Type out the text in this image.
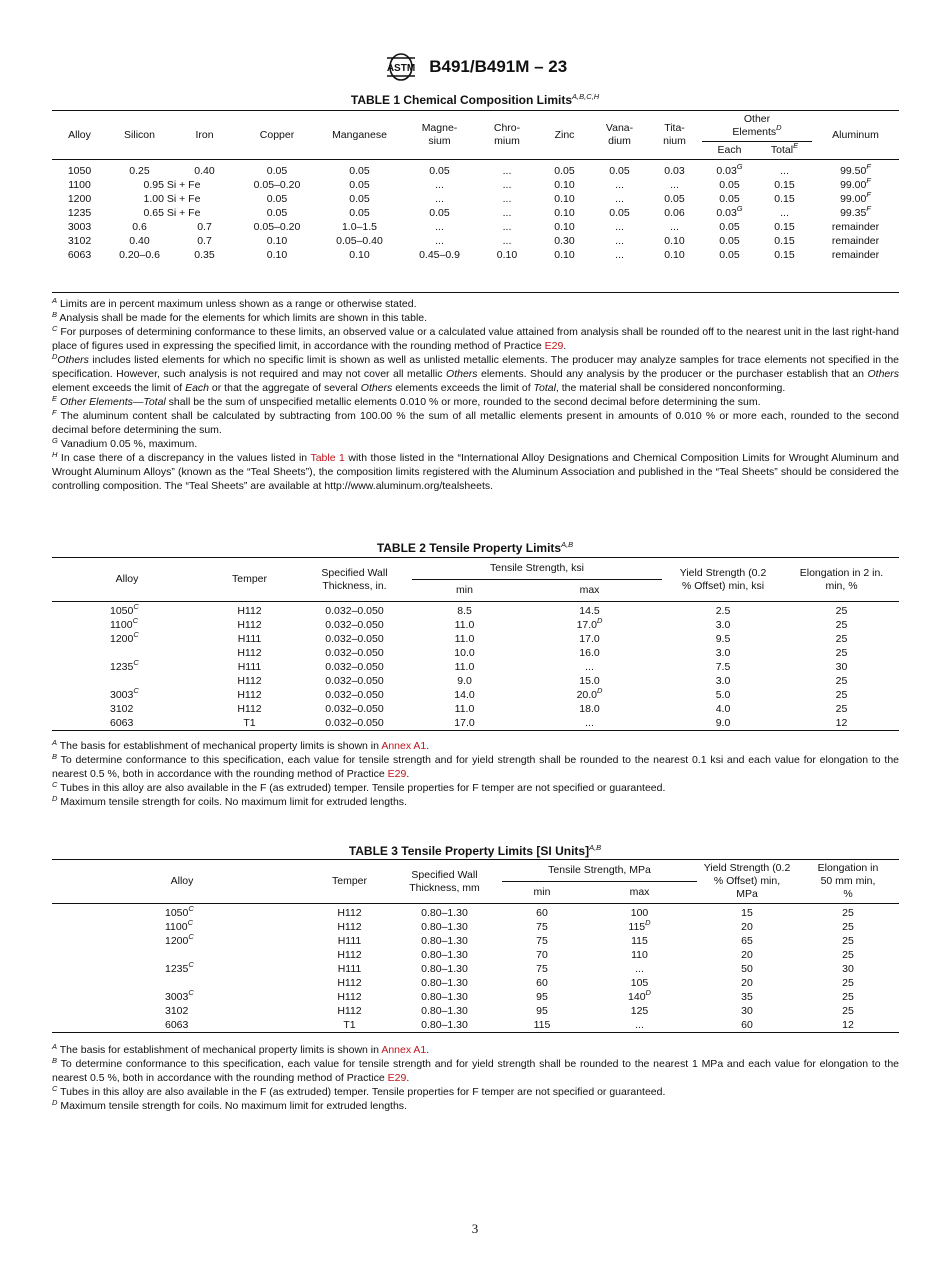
ASTM B491/B491M – 23
TABLE 1 Chemical Composition Limits$^{A,B,C,H}$
Alloy	Silicon	Iron	Copper	Manganese	Magne-sium	Chro-mium	Zinc	Vana-dium	Tita-nium	Other Elements$^D$		Aluminum
										Each	Total$^E$
1050	0.25	0.40	0.05	0.05	0.05	...	0.05	0.05	0.03	$0.03^G$	...	$99.50^F$
1100	0.95 Si + Fe		0.05–0.20	0.05	...	...	0.10	...	...	0.05	0.15	$99.00^F$
1200	1.00 Si + Fe		0.05	0.05	...	...	0.10	...	0.05	0.05	0.15	$99.00^F$
1235	0.65 Si + Fe		0.05	0.05	0.05	...	0.10	0.05	0.06	$0.03^G$	...	$99.35^F$
3003	0.6	0.7	0.05–0.20	1.0–1.5	...	...	0.10	...	...	0.05	0.15	remainder
3102	0.40	0.7	0.10	0.05–0.40	...	...	0.30	...	0.10	0.05	0.15	remainder
6063	0.20–0.6	0.35	0.10	0.10	0.45–0.9	0.10	0.10	...	0.10	0.05	0.15	remainder

$^A$ Limits are in percent maximum unless shown as a range or otherwise stated.

$^B$ Analysis shall be made for the elements for which limits are shown in this table.

$^C$ For purposes of determining conformance to these limits, an observed value or a calculated value attained from analysis shall be rounded off to the nearest unit in the last right-hand place of figures used in expressing the specified limit, in accordance with the rounding method of Practice E29.

$^D$Others includes listed elements for which no specific limit is shown as well as unlisted metallic elements. The producer may analyze samples for trace elements not specified in the specification. However, such analysis is not required and may not cover all metallic Others elements. Should any analysis by the producer or the purchaser establish that an Others element exceeds the limit of Each or that the aggregate of several Others elements exceeds the limit of Total, the material shall be considered nonconforming.

$^E$ Other Elements—Total shall be the sum of unspecified metallic elements 0.010 % or more, rounded to the second decimal before determining the sum.

$^F$ The aluminum content shall be calculated by subtracting from 100.00 % the sum of all metallic elements present in amounts of 0.010 % or more each, rounded to the second decimal before determining the sum.

$^G$ Vanadium 0.05 %, maximum.

$^H$ In case there of a discrepancy in the values listed in Table 1 with those listed in the “International Alloy Designations and Chemical Composition Limits for Wrought Aluminum and Wrought Aluminum Alloys” (known as the “Teal Sheets”), the composition limits registered with the Aluminum Association and published in the “Teal Sheets” should be considered the controlling composition. The “Teal Sheets” are available at http://www.aluminum.org/tealsheets.

TABLE 2 Tensile Property Limits$^{A,B}$
Alloy	Temper	Specified Wall Thickness, in.	Tensile Strength, ksi		Yield Strength (0.2 % Offset) min, ksi	Elongation in 2 in. min, %
			min	max		
$1050^C$	H112	0.032–0.050	8.5	14.5	2.5	25
$1100^C$	H112	0.032–0.050	11.0	$17.0^D$	3.0	25
$1200^C$	H111	0.032–0.050	11.0	17.0	9.5	25
	H112	0.032–0.050	10.0	16.0	3.0	25
$1235^C$	H111	0.032–0.050	11.0	...	7.5	30
	H112	0.032–0.050	9.0	15.0	3.0	25
$3003^C$	H112	0.032–0.050	14.0	$20.0^D$	5.0	25
3102	H112	0.032–0.050	11.0	18.0	4.0	25
6063	T1	0.032–0.050	17.0	...	9.0	12

$^A$ The basis for establishment of mechanical property limits is shown in Annex A1.

$^B$ To determine conformance to this specification, each value for tensile strength and for yield strength shall be rounded to the nearest 0.1 ksi and each value for elongation to the nearest 0.5 %, both in accordance with the rounding method of Practice E29.

$^C$ Tubes in this alloy are also available in the F (as extruded) temper. Tensile properties for F temper are not specified or guaranteed.

$^D$ Maximum tensile strength for coils. No maximum limit for extruded lengths.

TABLE 3 Tensile Property Limits [SI Units]$^{A,B}$
Alloy	Temper	Specified Wall Thickness, mm	Tensile Strength, MPa		Yield Strength (0.2 % Offset) min, MPa	Elongation in 50 mm min, %
			min	max		
$1050^C$	H112	0.80–1.30	60	100	15	25
$1100^C$	H112	0.80–1.30	75	$115^D$	20	25
$1200^C$	H111	0.80–1.30	75	115	65	25
	H112	0.80–1.30	70	110	20	25
$1235^C$	H111	0.80–1.30	75	...	50	30
	H112	0.80–1.30	60	105	20	25
$3003^C$	H112	0.80–1.30	95	$140^D$	35	25
3102	H112	0.80–1.30	95	125	30	25
6063	T1	0.80–1.30	115	...	60	12

$^A$ The basis for establishment of mechanical property limits is shown in Annex A1.

$^B$ To determine conformance to this specification, each value for tensile strength and for yield strength shall be rounded to the nearest 1 MPa and each value for elongation to the nearest 0.5 %, both in accordance with the rounding method of Practice E29.

$^C$ Tubes in this alloy are also available in the F (as extruded) temper. Tensile properties for F temper are not specified or guaranteed.

$^D$ Maximum tensile strength for coils. No maximum limit for extruded lengths.

3
